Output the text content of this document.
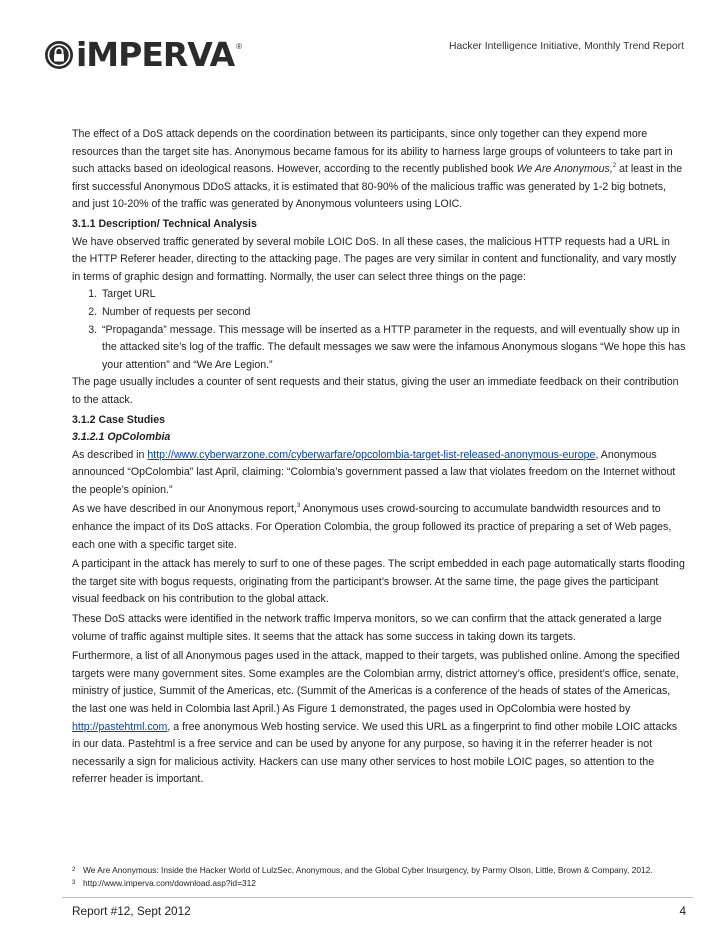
iMPERVA ®	Hacker Intelligence Initiative, Monthly Trend Report

The effect of a DoS attack depends on the coordination between its participants, since only together can they expend more resources than the target site has. Anonymous became famous for its ability to harness large groups of volunteers to take part in such attacks based on ideological reasons. However, according to the recently published book We Are Anonymous,$^2$ at least in the first successful Anonymous DDoS attacks, it is estimated that 80-90% of the malicious traffic was generated by 1-2 big botnets, and just 10-20% of the traffic was generated by Anonymous volunteers using LOIC.

3.1.1 Description/ Technical Analysis

We have observed traffic generated by several mobile LOIC DoS. In all these cases, the malicious HTTP requests had a URL in the HTTP Referer header, directing to the attacking page. The pages are very similar in content and functionality, and vary mostly in terms of graphic design and formatting. Normally, the user can select three things on the page:

1. Target URL
2. Number of requests per second
3. “Propaganda” message. This message will be inserted as a HTTP parameter in the requests, and will eventually show up in the attacked site’s log of the traffic. The default messages we saw were the infamous Anonymous slogans “We hope this has your attention” and “We Are Legion.”

The page usually includes a counter of sent requests and their status, giving the user an immediate feedback on their contribution to the attack.

3.1.2 Case Studies

3.1.2.1 OpColombia

As described in http://www.cyberwarzone.com/cyberwarfare/opcolombia-target-list-released-anonymous-europe, Anonymous announced “OpColombia” last April, claiming: “Colombia’s government passed a law that violates freedom on the Internet without the people’s opinion.”

As we have described in our Anonymous report,$^3$ Anonymous uses crowd-sourcing to accumulate bandwidth resources and to enhance the impact of its DoS attacks. For Operation Colombia, the group followed its practice of preparing a set of Web pages, each one with a specific target site.

A participant in the attack has merely to surf to one of these pages. The script embedded in each page automatically starts flooding the target site with bogus requests, originating from the participant’s browser. At the same time, the page gives the participant visual feedback on his contribution to the global attack.

These DoS attacks were identified in the network traffic Imperva monitors, so we can confirm that the attack generated a large volume of traffic against multiple sites. It seems that the attack has some success in taking down its targets.

Furthermore, a list of all Anonymous pages used in the attack, mapped to their targets, was published online. Among the specified targets were many government sites. Some examples are the Colombian army, district attorney’s office, president’s office, senate, ministry of justice, Summit of the Americas, etc. (Summit of the Americas is a conference of the heads of states of the Americas, the last one was held in Colombia last April.) As Figure 1 demonstrated, the pages used in OpColombia were hosted by http://pastehtml.com, a free anonymous Web hosting service. We used this URL as a fingerprint to find other mobile LOIC attacks in our data. Pastehtml is a free service and can be used by anyone for any purpose, so having it in the referrer header is not necessarily a sign for malicious activity. Hackers can use many other services to host mobile LOIC pages, so attention to the referrer header is important.

2 We Are Anonymous: Inside the Hacker World of LulzSec, Anonymous, and the Global Cyber Insurgency, by Parmy Olson, Little, Brown & Company, 2012.
3 http://www.imperva.com/download.asp?id=312
Report #12, Sept 2012	4
